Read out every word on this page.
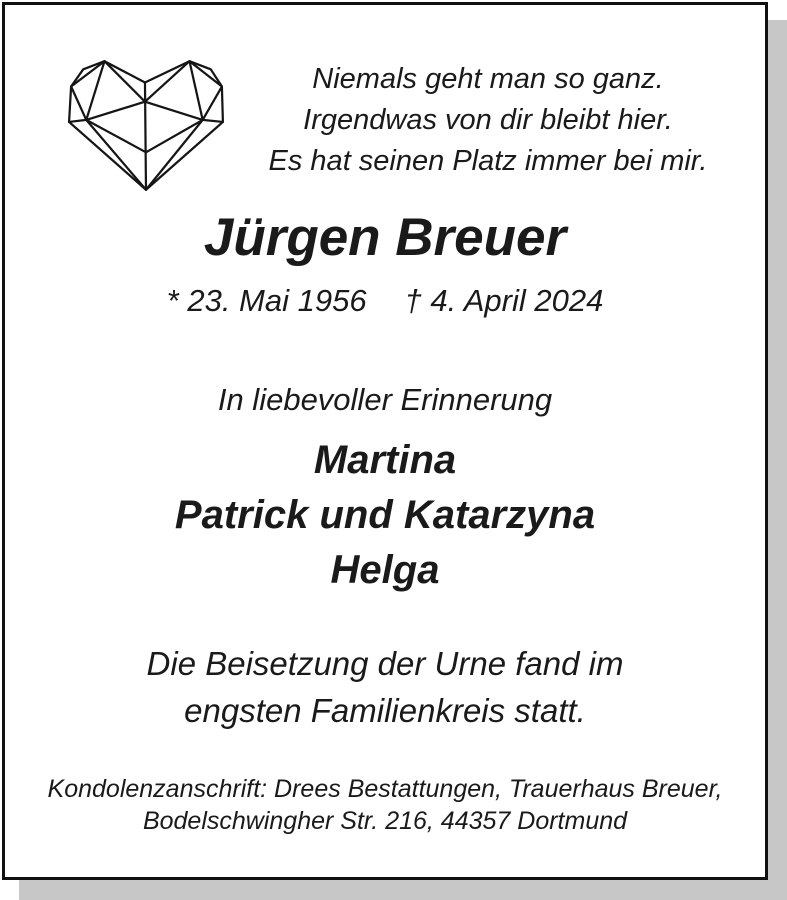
Niemals geht man so ganz.
Irgendwas von dir bleibt hier.
Es hat seinen Platz immer bei mir.
Jürgen Breuer
* 23. Mai 1956 † 4. April 2024
In liebevoller Erinnerung
Martina
Patrick und Katarzyna
Helga
Die Beisetzung der Urne fand im
engsten Familienkreis statt.
Kondolenzanschrift: Drees Bestattungen, Trauerhaus Breuer,
Bodelschwingher Str. 216, 44357 Dortmund
